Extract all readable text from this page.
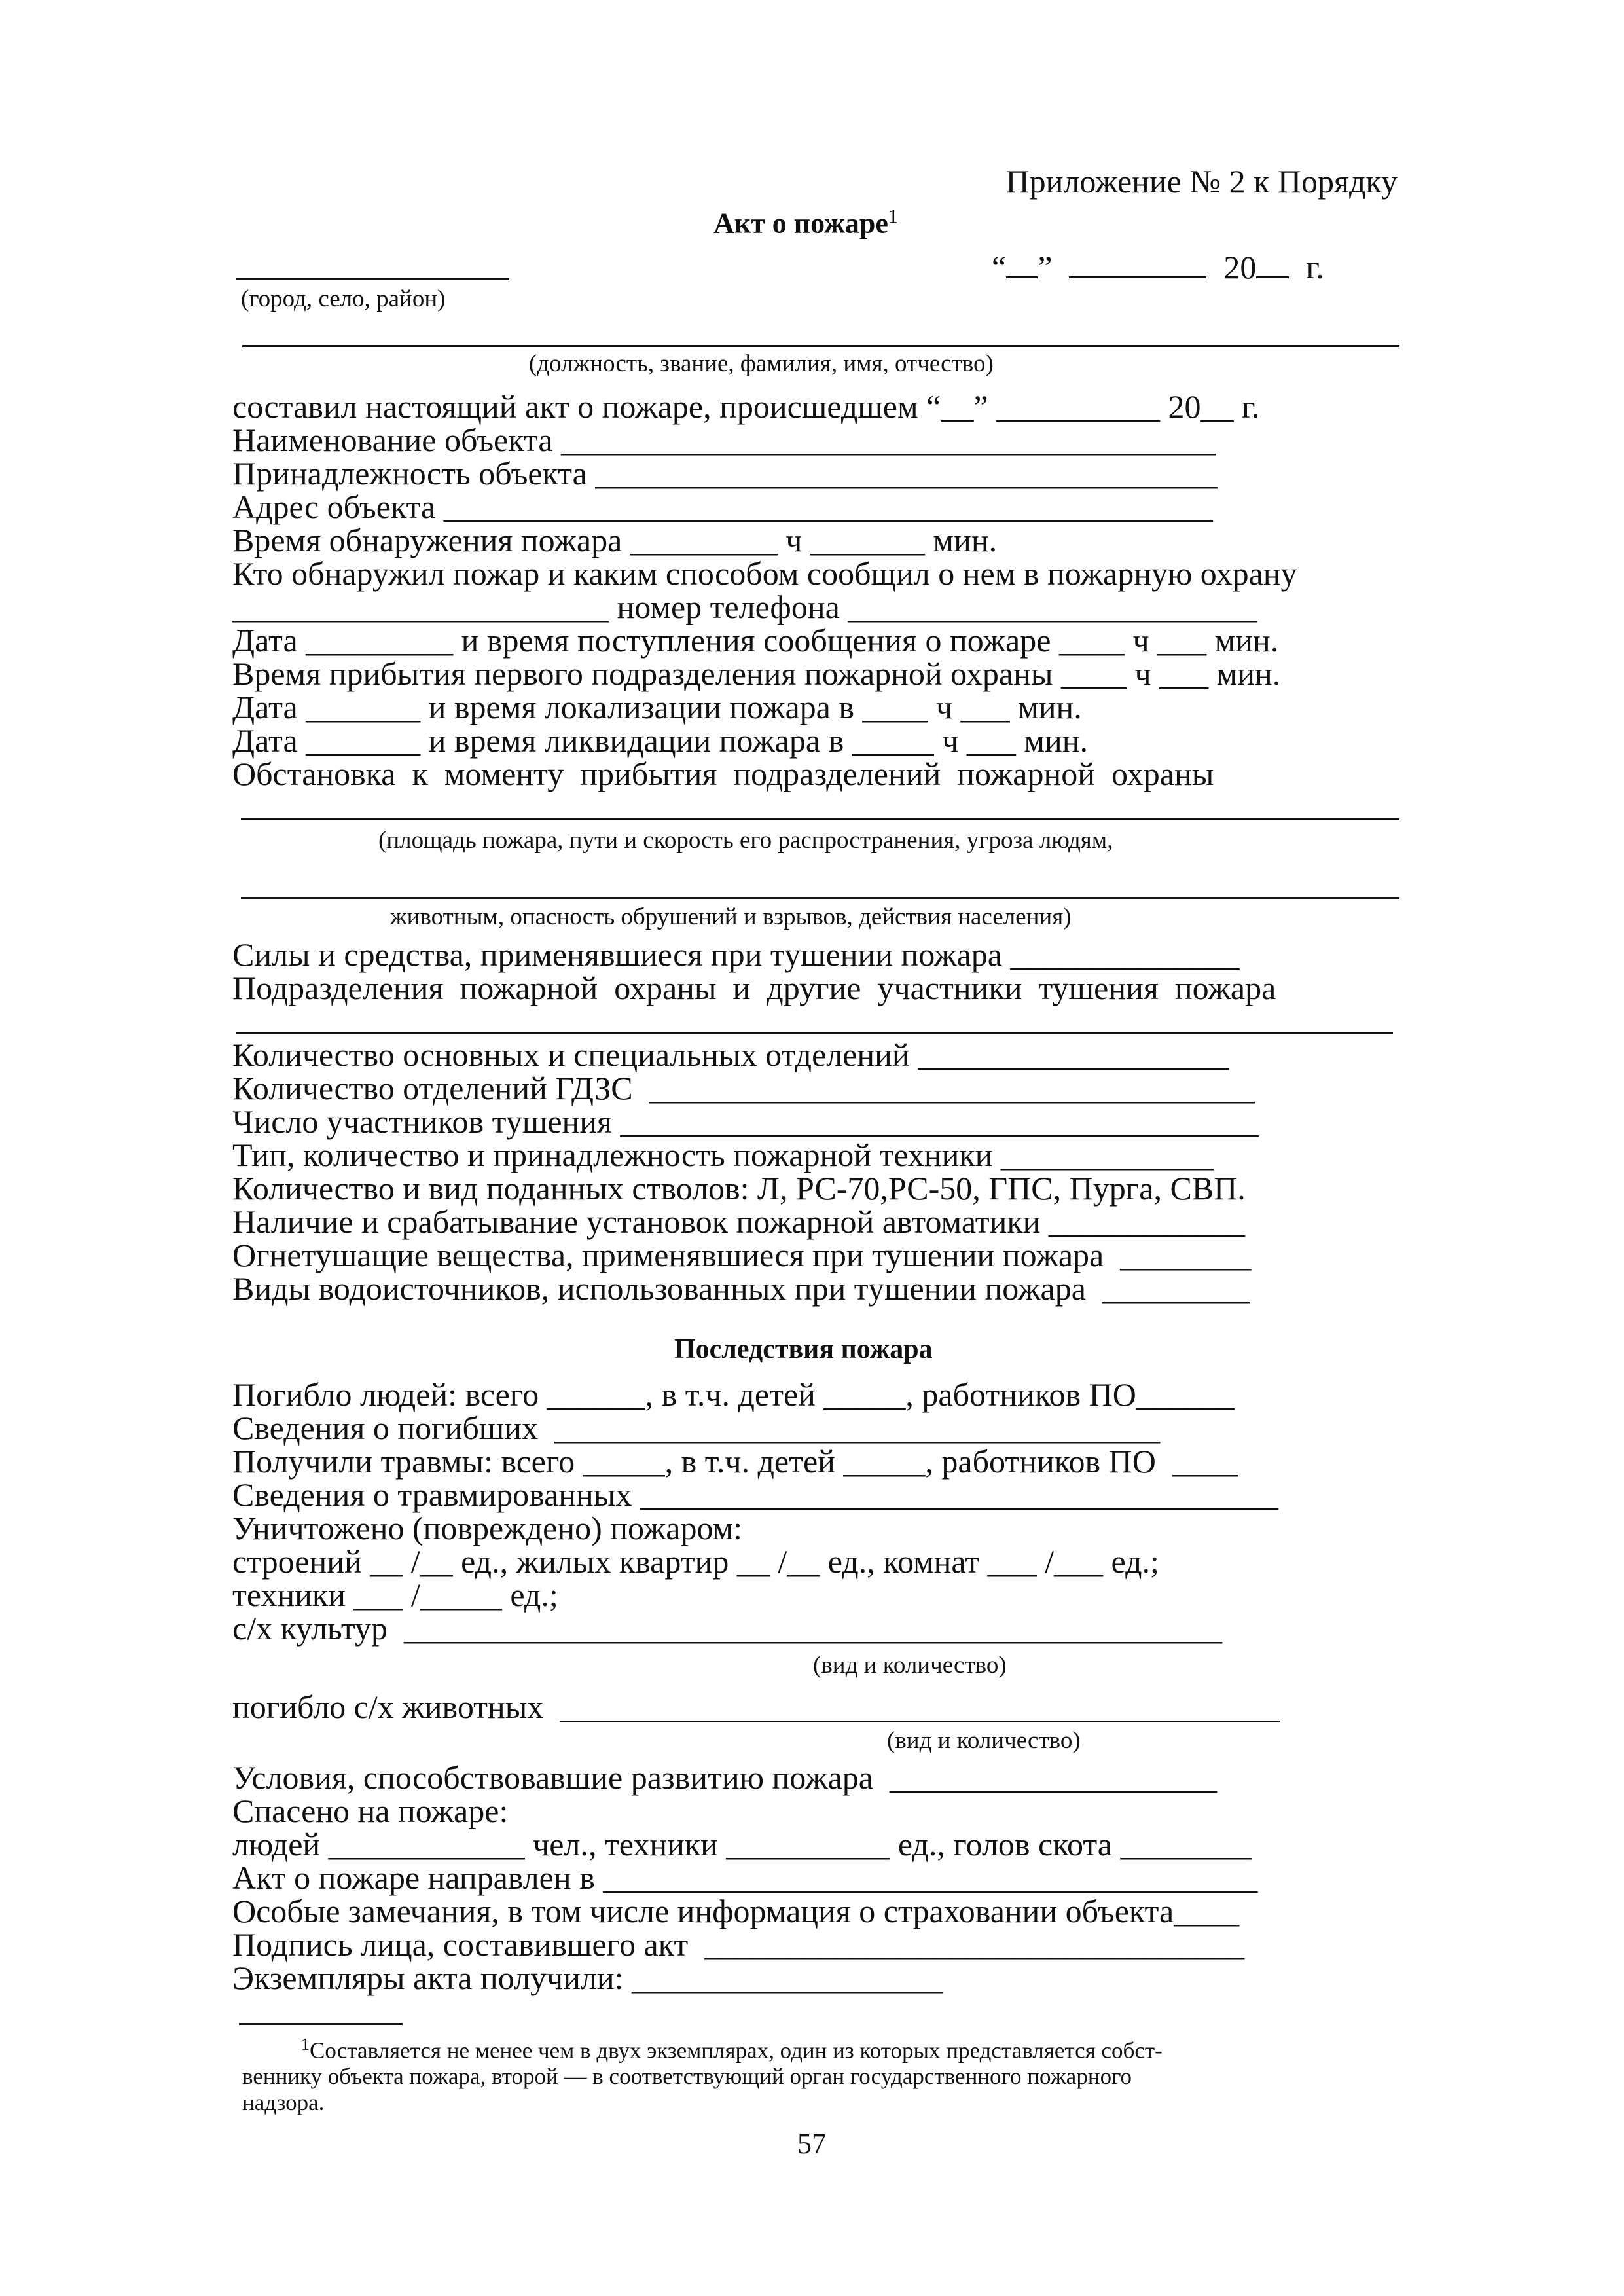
Приложение № 2 к Порядку
Акт о пожаре$^1$
“ ”	20 г.
(город, село, район)
(должность, звание, фамилия, имя, отчество)
составил настоящий акт о пожаре, происшедшем “__” __________ 20__ г.
Наименование объекта ________________________________________
Принадлежность объекта ______________________________________
Адрес объекта _______________________________________________
Время обнаружения пожара _________ ч _______ мин.
Кто обнаружил пожар и каким способом сообщил о нем в пожарную охрану
_______________________ номер телефона _________________________
Дата _________ и время поступления сообщения о пожаре ____ ч ___ мин.
Время прибытия первого подразделения пожарной охраны ____ ч ___ мин.
Дата _______ и время локализации пожара в ____ ч ___ мин.
Дата _______ и время ликвидации пожара в _____ ч ___ мин.
Обстановка  к  моменту  прибытия  подразделений  пожарной  охраны
(площадь пожара, пути и скорость его распространения, угроза людям,
животным, опасность обрушений и взрывов, действия населения)
Силы и средства, применявшиеся при тушении пожара ______________
Подразделения  пожарной  охраны  и  другие  участники  тушения  пожара
Количество основных и специальных отделений ___________________
Количество отделений ГДЗС  _____________________________________
Число участников тушения _______________________________________
Тип, количество и принадлежность пожарной техники _____________
Количество и вид поданных стволов: Л, РС-70,РС-50, ГПС, Пурга, СВП.
Наличие и срабатывание установок пожарной автоматики ____________
Огнетушащие вещества, применявшиеся при тушении пожара  ________
Виды водоисточников, использованных при тушении пожара  _________
Последствия пожара
Погибло людей: всего ______, в т.ч. детей _____, работников ПО______
Сведения о погибших  _____________________________________
Получили травмы: всего _____, в т.ч. детей _____, работников ПО  ____
Сведения о травмированных _______________________________________
Уничтожено (повреждено) пожаром:
строений __ /__ ед., жилых квартир __ /__ ед., комнат ___ /___ ед.;
техники ___ /_____ ед.;
с/х культур  __________________________________________________
(вид и количество)
погибло с/х животных  ____________________________________________
(вид и количество)
Условия, способствовавшие развитию пожара  ____________________
Спасено на пожаре:
людей ____________ чел., техники __________ ед., голов скота ________
Акт о пожаре направлен в ________________________________________
Особые замечания, в том числе информация о страховании объекта____
Подпись лица, составившего акт  _________________________________
Экземпляры акта получили: ___________________
$^1$Составляется не менее чем в двух экземплярах, один из которых представляется собст-
веннику объекта пожара, второй — в соответствующий орган государственного пожарного
надзора.
57
